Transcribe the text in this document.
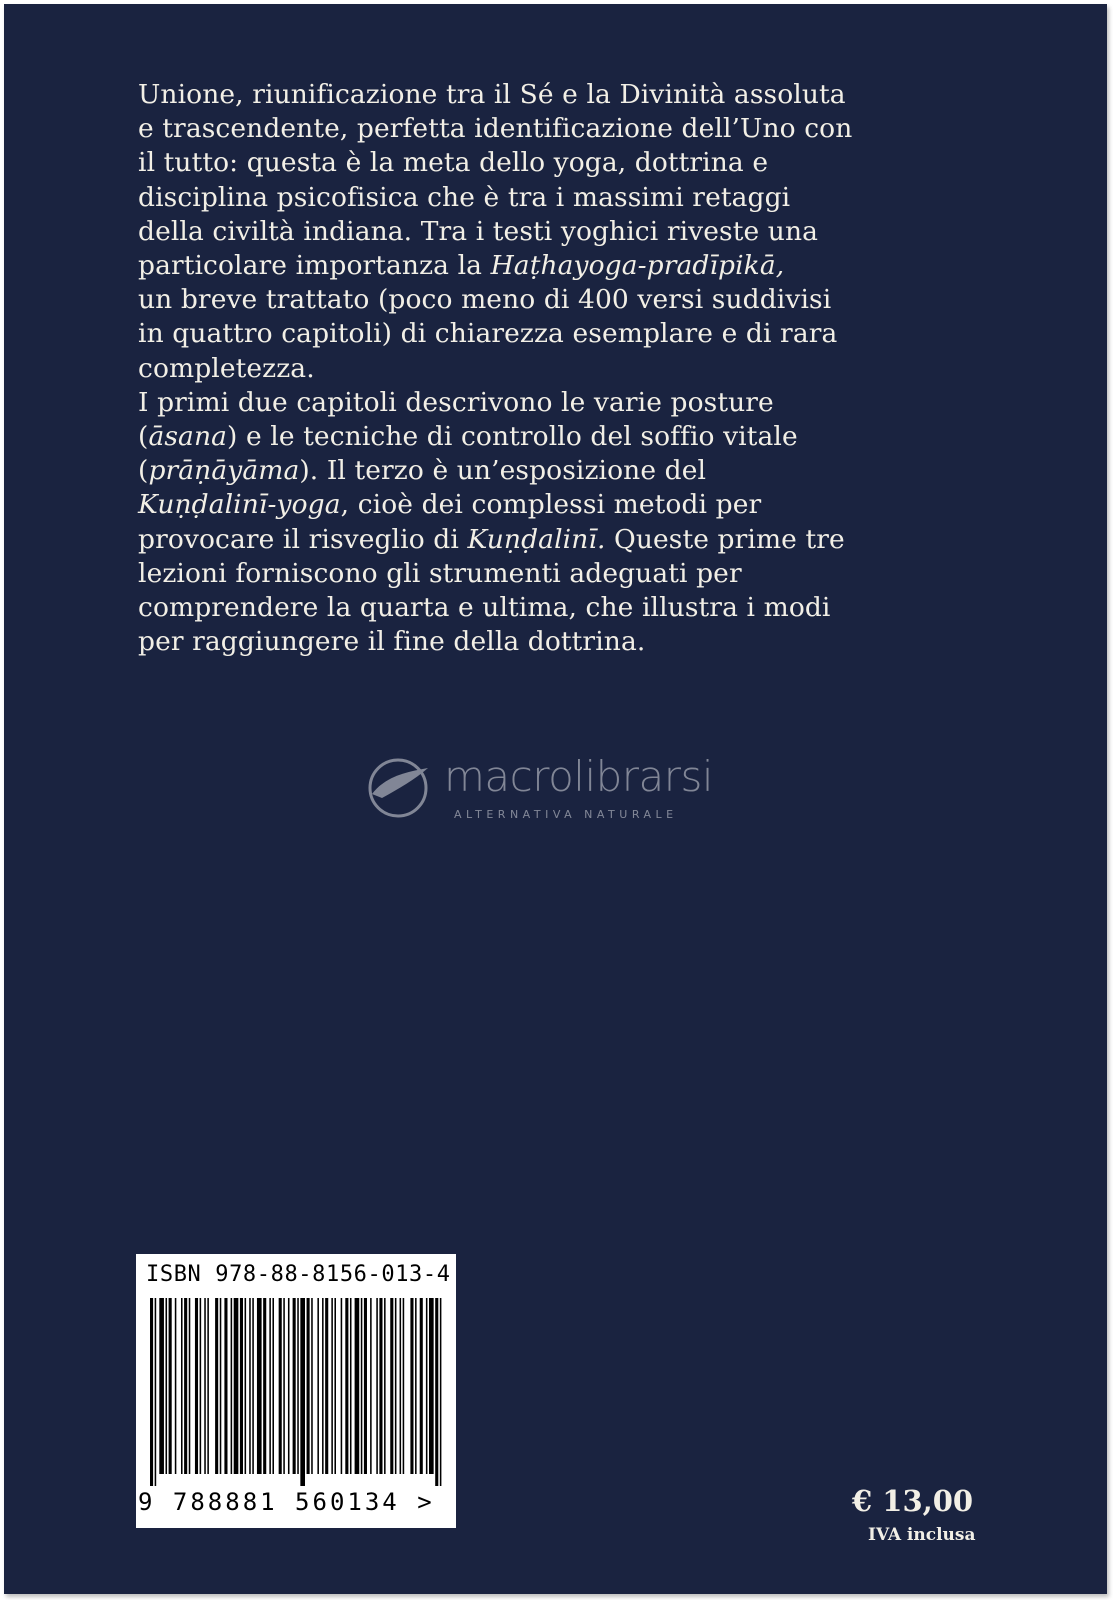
Unione, riunificazione tra il Sé e la Divinità assoluta
e trascendente, perfetta identificazione dell’Uno con
il tutto: questa è la meta dello yoga, dottrina e
disciplina psicofisica che è tra i massimi retaggi
della civiltà indiana. Tra i testi yoghici riveste una
particolare importanza la Haṭhayoga-pradīpikā,
un breve trattato (poco meno di 400 versi suddivisi
in quattro capitoli) di chiarezza esemplare e di rara
completezza.
I primi due capitoli descrivono le varie posture
(āsana) e le tecniche di controllo del soffio vitale
(prāṇāyāma). Il terzo è un’esposizione del
Kuṇḍalinī-yoga, cioè dei complessi metodi per
provocare il risveglio di Kuṇḍalinī. Queste prime tre
lezioni forniscono gli strumenti adeguati per
comprendere la quarta e ultima, che illustra i modi
per raggiungere il fine della dottrina.
macrolibrarsi
ALTERNATIVA NATURALE
ISBN 978-88-8156-013-4
9 788881 560134 >	€ 13,00
IVA inclusa
